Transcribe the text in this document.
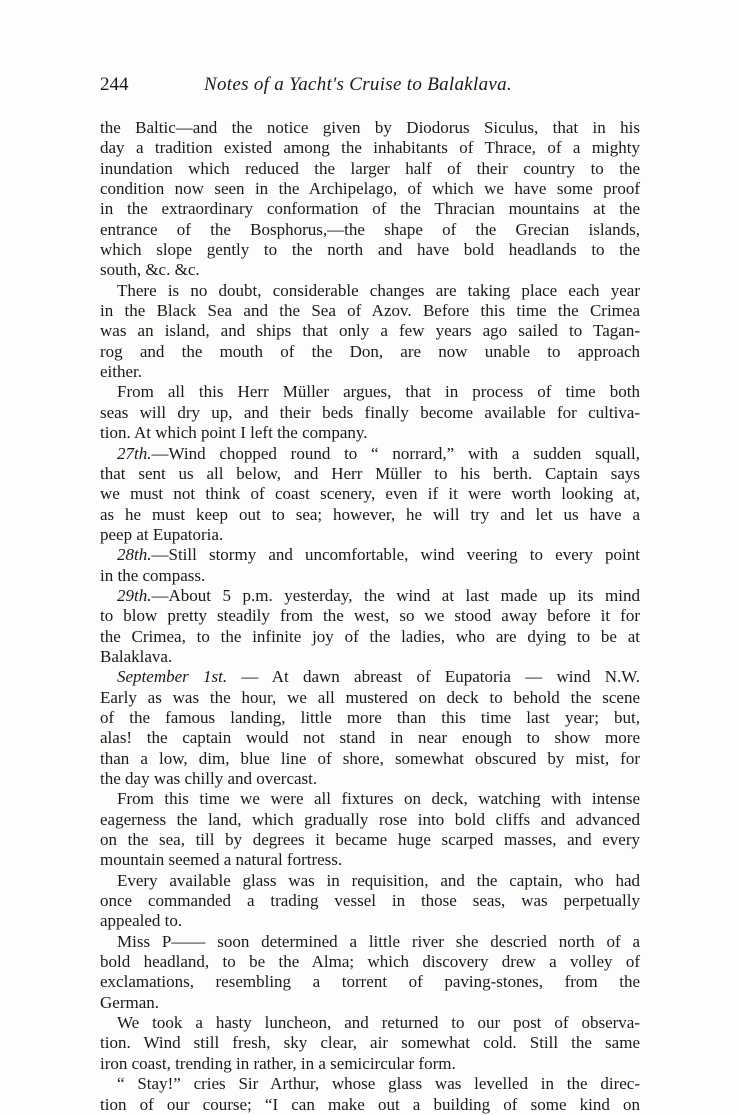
244	Notes of a Yacht's Cruise to Balaklava.
the Baltic—and the notice given by Diodorus Siculus, that in his
day a tradition existed among the inhabitants of Thrace, of a mighty
inundation which reduced the larger half of their country to the
condition now seen in the Archipelago, of which we have some proof
in the extraordinary conformation of the Thracian mountains at the
entrance of the Bosphorus,—the shape of the Grecian islands,
which slope gently to the north and have bold headlands to the
south, &c. &c.
There is no doubt, considerable changes are taking place each year
in the Black Sea and the Sea of Azov. Before this time the Crimea
was an island, and ships that only a few years ago sailed to Tagan-
rog and the mouth of the Don, are now unable to approach
either.
From all this Herr Müller argues, that in process of time both
seas will dry up, and their beds finally become available for cultiva-
tion. At which point I left the company.
27th.—Wind chopped round to “ norrard,” with a sudden squall,
that sent us all below, and Herr Müller to his berth. Captain says
we must not think of coast scenery, even if it were worth looking at,
as he must keep out to sea; however, he will try and let us have a
peep at Eupatoria.
28th.—Still stormy and uncomfortable, wind veering to every point
in the compass.
29th.—About 5 p.m. yesterday, the wind at last made up its mind
to blow pretty steadily from the west, so we stood away before it for
the Crimea, to the infinite joy of the ladies, who are dying to be at
Balaklava.
September 1st. — At dawn abreast of Eupatoria — wind N.W.
Early as was the hour, we all mustered on deck to behold the scene
of the famous landing, little more than this time last year; but,
alas! the captain would not stand in near enough to show more
than a low, dim, blue line of shore, somewhat obscured by mist, for
the day was chilly and overcast.
From this time we were all fixtures on deck, watching with intense
eagerness the land, which gradually rose into bold cliffs and advanced
on the sea, till by degrees it became huge scarped masses, and every
mountain seemed a natural fortress.
Every available glass was in requisition, and the captain, who had
once commanded a trading vessel in those seas, was perpetually
appealed to.
Miss P—— soon determined a little river she descried north of a
bold headland, to be the Alma; which discovery drew a volley of
exclamations, resembling a torrent of paving-stones, from the
German.
We took a hasty luncheon, and returned to our post of observa-
tion. Wind still fresh, sky clear, air somewhat cold. Still the same
iron coast, trending in rather, in a semicircular form.
“ Stay!” cries Sir Arthur, whose glass was levelled in the direc-
tion of our course; “I can make out a building of some kind on
